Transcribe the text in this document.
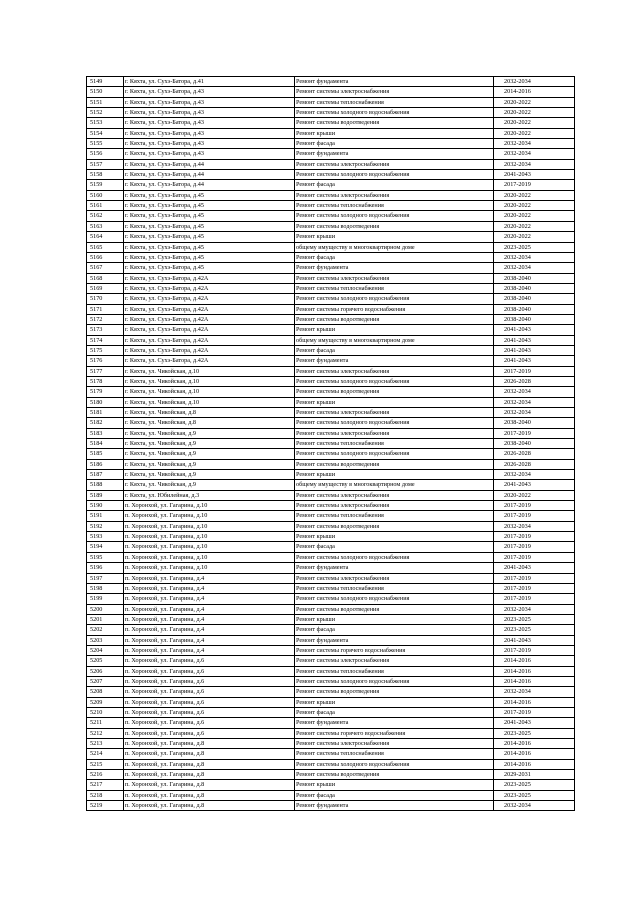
5149	г. Кяхта, ул. Сухэ-Батора, д.41	Ремонт фундамента	2032-2034
5150	г. Кяхта, ул. Сухэ-Батора, д.43	Ремонт системы электроснабжения	2014-2016
5151	г. Кяхта, ул. Сухэ-Батора, д.43	Ремонт системы теплоснабжения	2020-2022
5152	г. Кяхта, ул. Сухэ-Батора, д.43	Ремонт системы холодного водоснабжения	2020-2022
5153	г. Кяхта, ул. Сухэ-Батора, д.43	Ремонт системы водоотведения	2020-2022
5154	г. Кяхта, ул. Сухэ-Батора, д.43	Ремонт крыши	2020-2022
5155	г. Кяхта, ул. Сухэ-Батора, д.43	Ремонт фасада	2032-2034
5156	г. Кяхта, ул. Сухэ-Батора, д.43	Ремонт фундамента	2032-2034
5157	г. Кяхта, ул. Сухэ-Батора, д.44	Ремонт системы электроснабжения	2032-2034
5158	г. Кяхта, ул. Сухэ-Батора, д.44	Ремонт системы холодного водоснабжения	2041-2043
5159	г. Кяхта, ул. Сухэ-Батора, д.44	Ремонт фасада	2017-2019
5160	г. Кяхта, ул. Сухэ-Батора, д.45	Ремонт системы электроснабжения	2020-2022
5161	г. Кяхта, ул. Сухэ-Батора, д.45	Ремонт системы теплоснабжения	2020-2022
5162	г. Кяхта, ул. Сухэ-Батора, д.45	Ремонт системы холодного водоснабжения	2020-2022
5163	г. Кяхта, ул. Сухэ-Батора, д.45	Ремонт системы водоотведения	2020-2022
5164	г. Кяхта, ул. Сухэ-Батора, д.45	Ремонт крыши	2020-2022
5165	г. Кяхта, ул. Сухэ-Батора, д.45	общему имуществу в многоквартирном доме	2023-2025
5166	г. Кяхта, ул. Сухэ-Батора, д.45	Ремонт фасада	2032-2034
5167	г. Кяхта, ул. Сухэ-Батора, д.45	Ремонт фундамента	2032-2034
5168	г. Кяхта, ул. Сухэ-Батора, д.42А	Ремонт системы электроснабжения	2038-2040
5169	г. Кяхта, ул. Сухэ-Батора, д.42А	Ремонт системы теплоснабжения	2038-2040
5170	г. Кяхта, ул. Сухэ-Батора, д.42А	Ремонт системы холодного водоснабжения	2038-2040
5171	г. Кяхта, ул. Сухэ-Батора, д.42А	Ремонт системы горячего водоснабжения	2038-2040
5172	г. Кяхта, ул. Сухэ-Батора, д.42А	Ремонт системы водоотведения	2038-2040
5173	г. Кяхта, ул. Сухэ-Батора, д.42А	Ремонт крыши	2041-2043
5174	г. Кяхта, ул. Сухэ-Батора, д.42А	общему имуществу в многоквартирном доме	2041-2043
5175	г. Кяхта, ул. Сухэ-Батора, д.42А	Ремонт фасада	2041-2043
5176	г. Кяхта, ул. Сухэ-Батора, д.42А	Ремонт фундамента	2041-2043
5177	г. Кяхта, ул. Чикойская, д.10	Ремонт системы электроснабжения	2017-2019
5178	г. Кяхта, ул. Чикойская, д.10	Ремонт системы холодного водоснабжения	2026-2028
5179	г. Кяхта, ул. Чикойская, д.10	Ремонт системы водоотведения	2032-2034
5180	г. Кяхта, ул. Чикойская, д.10	Ремонт крыши	2032-2034
5181	г. Кяхта, ул. Чикойская, д.8	Ремонт системы электроснабжения	2032-2034
5182	г. Кяхта, ул. Чикойская, д.8	Ремонт системы холодного водоснабжения	2038-2040
5183	г. Кяхта, ул. Чикойская, д.9	Ремонт системы электроснабжения	2017-2019
5184	г. Кяхта, ул. Чикойская, д.9	Ремонт системы теплоснабжения	2038-2040
5185	г. Кяхта, ул. Чикойская, д.9	Ремонт системы холодного водоснабжения	2026-2028
5186	г. Кяхта, ул. Чикойская, д.9	Ремонт системы водоотведения	2026-2028
5187	г. Кяхта, ул. Чикойская, д.9	Ремонт крыши	2032-2034
5188	г. Кяхта, ул. Чикойская, д.9	общему имуществу в многоквартирном доме	2041-2043
5189	г. Кяхта, ул. Юбилейная, д.3	Ремонт системы электроснабжения	2020-2022
5190	п. Хоронхой, ул. Гагарина, д.10	Ремонт системы электроснабжения	2017-2019
5191	п. Хоронхой, ул. Гагарина, д.10	Ремонт системы теплоснабжения	2017-2019
5192	п. Хоронхой, ул. Гагарина, д.10	Ремонт системы водоотведения	2032-2034
5193	п. Хоронхой, ул. Гагарина, д.10	Ремонт крыши	2017-2019
5194	п. Хоронхой, ул. Гагарина, д.10	Ремонт фасада	2017-2019
5195	п. Хоронхой, ул. Гагарина, д.10	Ремонт системы холодного водоснабжения	2017-2019
5196	п. Хоронхой, ул. Гагарина, д.10	Ремонт фундамента	2041-2043
5197	п. Хоронхой, ул. Гагарина, д.4	Ремонт системы электроснабжения	2017-2019
5198	п. Хоронхой, ул. Гагарина, д.4	Ремонт системы теплоснабжения	2017-2019
5199	п. Хоронхой, ул. Гагарина, д.4	Ремонт системы холодного водоснабжения	2017-2019
5200	п. Хоронхой, ул. Гагарина, д.4	Ремонт системы водоотведения	2032-2034
5201	п. Хоронхой, ул. Гагарина, д.4	Ремонт крыши	2023-2025
5202	п. Хоронхой, ул. Гагарина, д.4	Ремонт фасада	2023-2025
5203	п. Хоронхой, ул. Гагарина, д.4	Ремонт фундамента	2041-2043
5204	п. Хоронхой, ул. Гагарина, д.4	Ремонт системы горячего водоснабжения	2017-2019
5205	п. Хоронхой, ул. Гагарина, д.6	Ремонт системы электроснабжения	2014-2016
5206	п. Хоронхой, ул. Гагарина, д.6	Ремонт системы теплоснабжения	2014-2016
5207	п. Хоронхой, ул. Гагарина, д.6	Ремонт системы холодного водоснабжения	2014-2016
5208	п. Хоронхой, ул. Гагарина, д.6	Ремонт системы водоотведения	2032-2034
5209	п. Хоронхой, ул. Гагарина, д.6	Ремонт крыши	2014-2016
5210	п. Хоронхой, ул. Гагарина, д.6	Ремонт фасада	2017-2019
5211	п. Хоронхой, ул. Гагарина, д.6	Ремонт фундамента	2041-2043
5212	п. Хоронхой, ул. Гагарина, д.6	Ремонт системы горячего водоснабжения	2023-2025
5213	п. Хоронхой, ул. Гагарина, д.8	Ремонт системы электроснабжения	2014-2016
5214	п. Хоронхой, ул. Гагарина, д.8	Ремонт системы теплоснабжения	2014-2016
5215	п. Хоронхой, ул. Гагарина, д.8	Ремонт системы холодного водоснабжения	2014-2016
5216	п. Хоронхой, ул. Гагарина, д.8	Ремонт системы водоотведения	2029-2031
5217	п. Хоронхой, ул. Гагарина, д.8	Ремонт крыши	2023-2025
5218	п. Хоронхой, ул. Гагарина, д.8	Ремонт фасада	2023-2025
5219	п. Хоронхой, ул. Гагарина, д.8	Ремонт фундамента	2032-2034
